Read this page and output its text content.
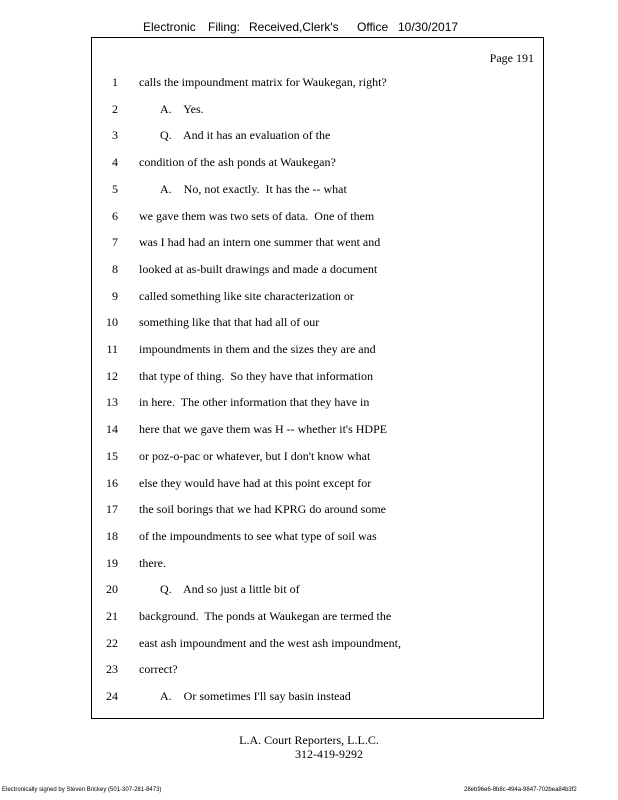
Electronic Filing: Received,Clerk's Office 10/30/2017
Page 191
1 calls the impoundment matrix for Waukegan, right?
2	A.    Yes.
3	Q.    And it has an evaluation of the
4 condition of the ash ponds at Waukegan?
5	A.    No, not exactly.  It has the -- what
6 we gave them was two sets of data.  One of them
7 was I had had an intern one summer that went and
8 looked at as-built drawings and made a document
9 called something like site characterization or
10 something like that that had all of our
11 impoundments in them and the sizes they are and
12 that type of thing.  So they have that information
13 in here.  The other information that they have in
14 here that we gave them was H -- whether it's HDPE
15 or poz-o-pac or whatever, but I don't know what
16 else they would have had at this point except for
17 the soil borings that we had KPRG do around some
18 of the impoundments to see what type of soil was
19 there.
20	Q.    And so just a little bit of
21 background.  The ponds at Waukegan are termed the
22 east ash impoundment and the west ash impoundment,
23 correct?
24	A.    Or sometimes I'll say basin instead
L.A. Court Reporters, L.L.C.
312-419-9292
Electronically signed by Steven Brickey (501-307-281-8473)	28eb96e6-8b8c-494a-9847-702bea84b3f2
